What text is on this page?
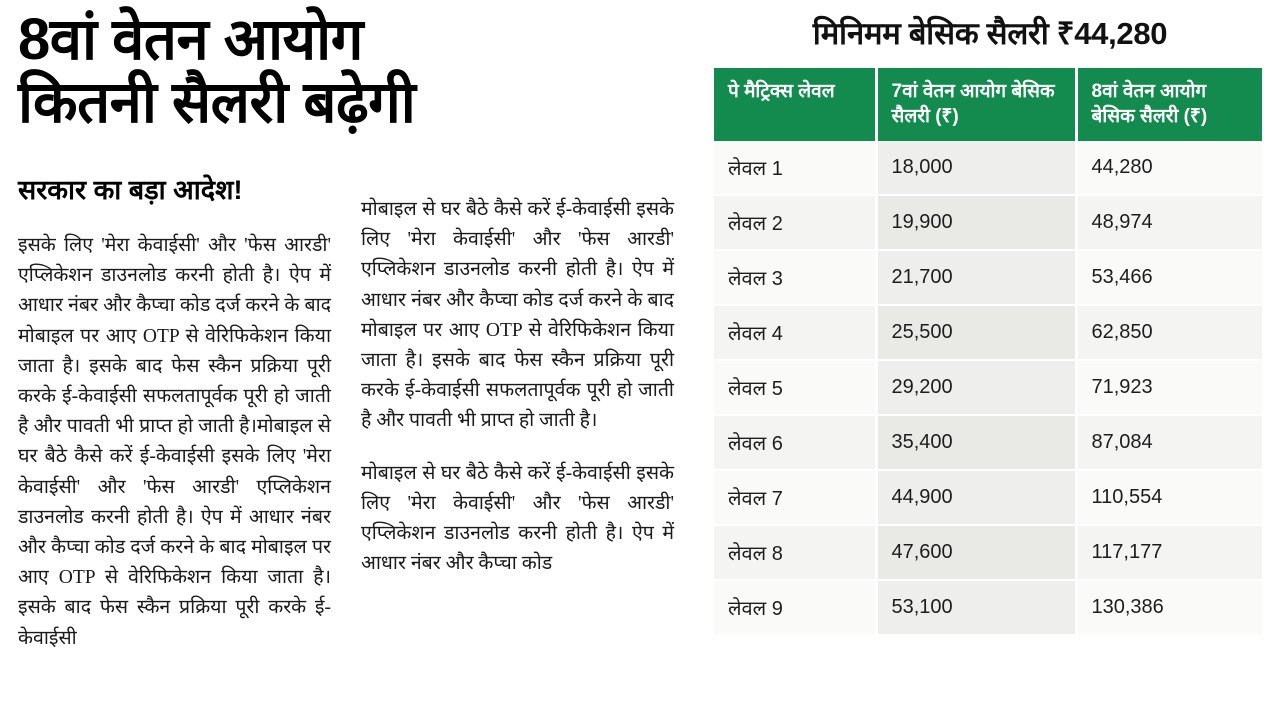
8वां वेतन आयोग
कितनी सैलरी बढ़ेगी
सरकार का बड़ा आदेश!

इसके लिए 'मेरा केवाईसी' और 'फेस आरडी' एप्लिकेशन डाउनलोड करनी होती है। ऐप में आधार नंबर और कैप्चा कोड दर्ज करने के बाद मोबाइल पर आए OTP से वेरिफिकेशन किया जाता है। इसके बाद फेस स्कैन प्रक्रिया पूरी करके ई-केवाईसी सफलतापूर्वक पूरी हो जाती है और पावती भी प्राप्त हो जाती है।मोबाइल से घर बैठे कैसे करें ई-केवाईसी इसके लिए 'मेरा केवाईसी' और 'फेस आरडी' एप्लिकेशन डाउनलोड करनी होती है। ऐप में आधार नंबर और कैप्चा कोड दर्ज करने के बाद मोबाइल पर आए OTP से वेरिफिकेशन किया जाता है। इसके बाद फेस स्कैन प्रक्रिया पूरी करके ई-केवाईसी

मोबाइल से घर बैठे कैसे करें ई-केवाईसी इसके लिए 'मेरा केवाईसी' और 'फेस आरडी' एप्लिकेशन डाउनलोड करनी होती है। ऐप में आधार नंबर और कैप्चा कोड दर्ज करने के बाद मोबाइल पर आए OTP से वेरिफिकेशन किया जाता है। इसके बाद फेस स्कैन प्रक्रिया पूरी करके ई-केवाईसी सफलतापूर्वक पूरी हो जाती है और पावती भी प्राप्त हो जाती है।

मोबाइल से घर बैठे कैसे करें ई-केवाईसी इसके लिए 'मेरा केवाईसी' और 'फेस आरडी' एप्लिकेशन डाउनलोड करनी होती है। ऐप में आधार नंबर और कैप्चा कोड

मिनिमम बेसिक सैलरी ₹44,280
पे मैट्रिक्स लेवल	7वां वेतन आयोग बेसिक सैलरी (₹)	8वां वेतन आयोग बेसिक सैलरी (₹)
लेवल 1	18,000	44,280
लेवल 2	19,900	48,974
लेवल 3	21,700	53,466
लेवल 4	25,500	62,850
लेवल 5	29,200	71,923
लेवल 6	35,400	87,084
लेवल 7	44,900	110,554
लेवल 8	47,600	117,177
लेवल 9	53,100	130,386
